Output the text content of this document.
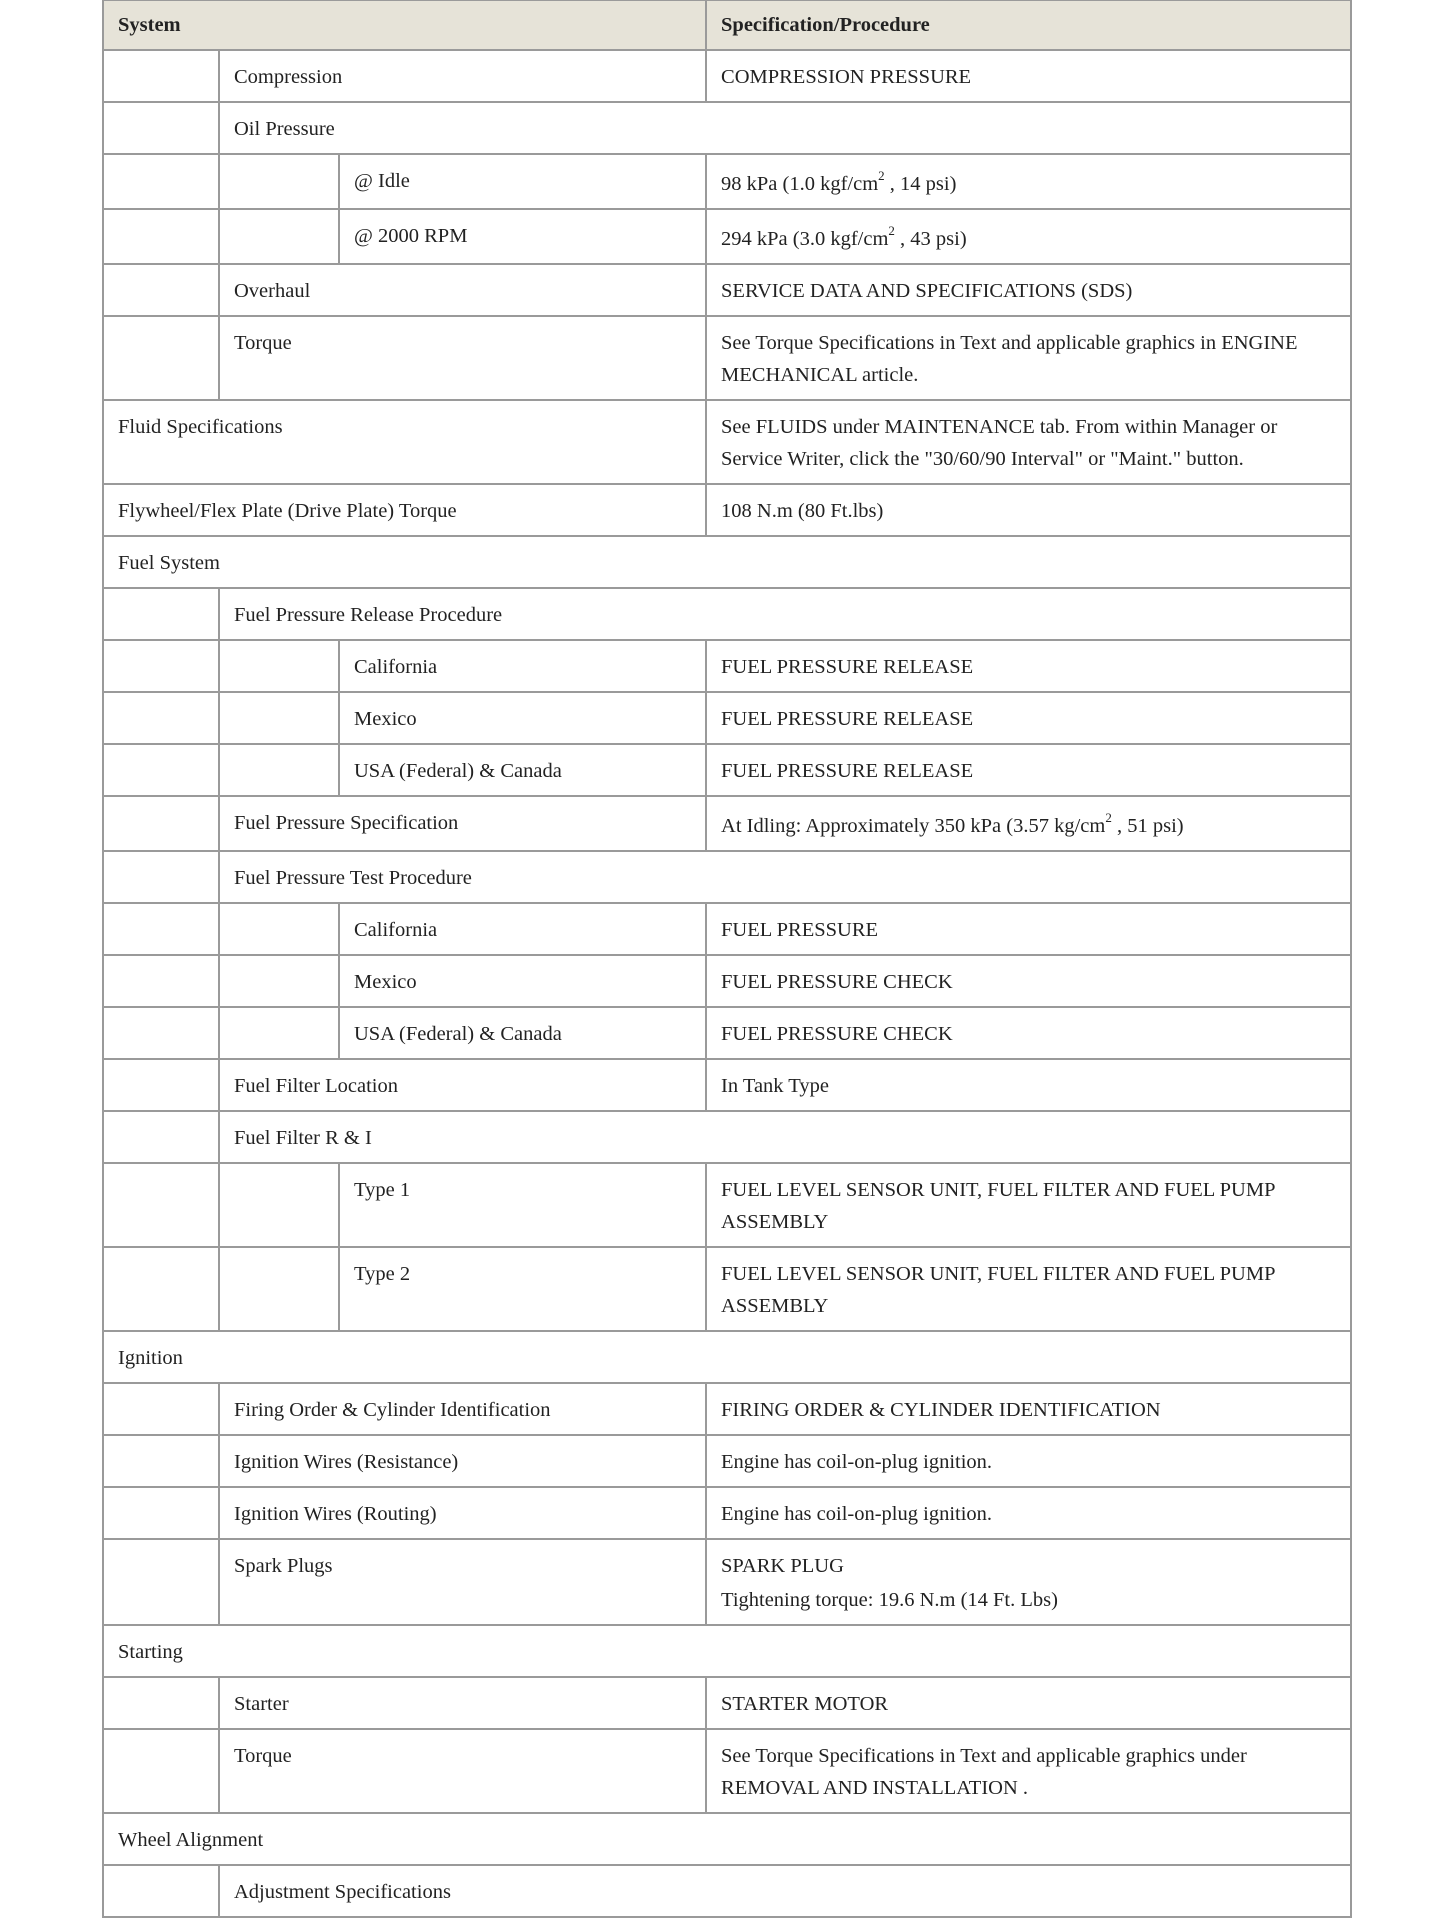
System			Specification/Procedure
	Compression		COMPRESSION PRESSURE
	Oil Pressure		
		@ Idle	98 kPa (1.0 kgf/$cm^2$ , 14 psi)
		@ 2000 RPM	294 kPa (3.0 kgf/$cm^2$ , 43 psi)
	Overhaul		SERVICE DATA AND SPECIFICATIONS (SDS)
	Torque		See Torque Specifications in Text and applicable graphics in ENGINE MECHANICAL article.
Fluid Specifications			See FLUIDS under MAINTENANCE tab. From within Manager or Service Writer, click the "30/60/90 Interval" or "Maint." button.
Flywheel/Flex Plate (Drive Plate) Torque			108 N.m (80 Ft.lbs)
Fuel System			
	Fuel Pressure Release Procedure		
		California	FUEL PRESSURE RELEASE
		Mexico	FUEL PRESSURE RELEASE
		USA (Federal) & Canada	FUEL PRESSURE RELEASE
	Fuel Pressure Specification		At Idling: Approximately 350 kPa (3.57 $kg/cm^2$ , 51 psi)
	Fuel Pressure Test Procedure		
		California	FUEL PRESSURE
		Mexico	FUEL PRESSURE CHECK
		USA (Federal) & Canada	FUEL PRESSURE CHECK
	Fuel Filter Location		In Tank Type
	Fuel Filter R & I		
		Type 1	FUEL LEVEL SENSOR UNIT, FUEL FILTER AND FUEL PUMP ASSEMBLY
		Type 2	FUEL LEVEL SENSOR UNIT, FUEL FILTER AND FUEL PUMP ASSEMBLY
Ignition			
	Firing Order & Cylinder Identification		FIRING ORDER & CYLINDER IDENTIFICATION
	Ignition Wires (Resistance)		Engine has coil-on-plug ignition.
	Ignition Wires (Routing)		Engine has coil-on-plug ignition.
	Spark Plugs		SPARK PLUG
Tightening torque: 19.6 N.m (14 Ft. Lbs)

Starting			
	Starter		STARTER MOTOR
	Torque		See Torque Specifications in Text and applicable graphics under REMOVAL AND INSTALLATION .
Wheel Alignment			
	Adjustment Specifications		
